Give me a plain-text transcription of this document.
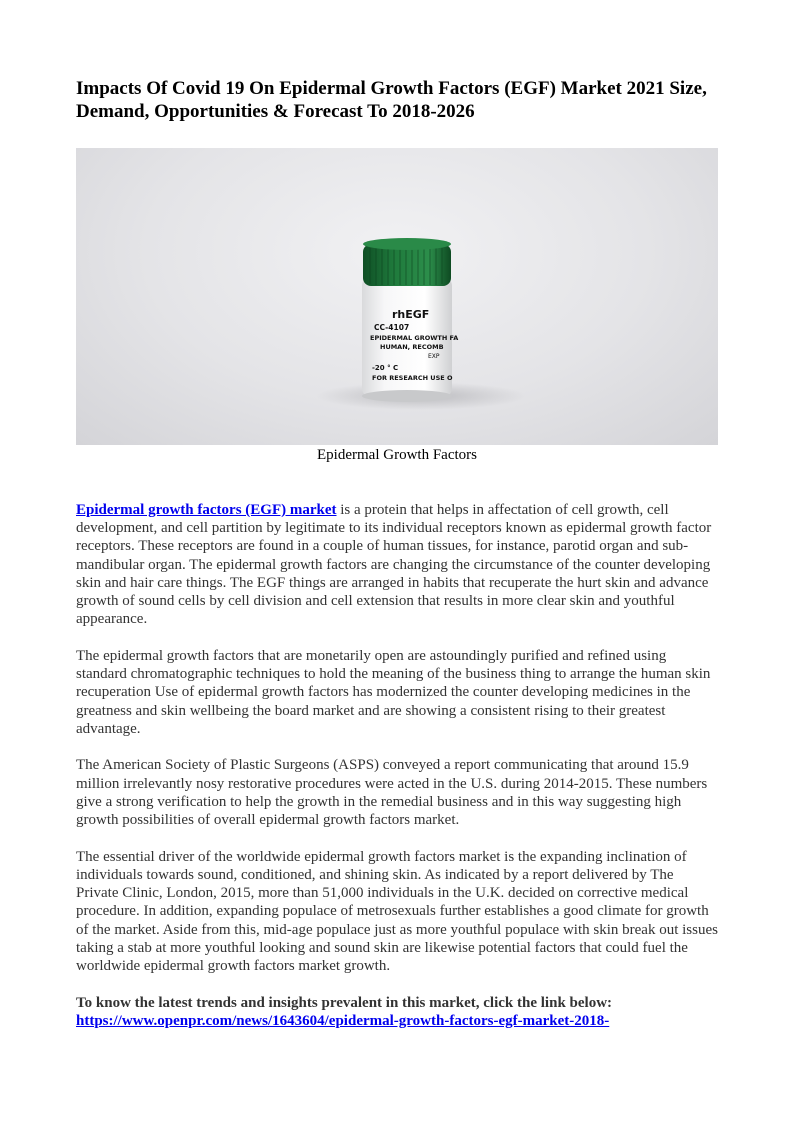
Impacts Of Covid 19 On Epidermal Growth Factors (EGF) Market 2021 Size, Demand, Opportunities & Forecast To 2018-2026
rhEGF
CC-4107
EPIDERMAL GROWTH FA
HUMAN, RECOMB
EXP
-20 ° C
FOR RESEARCH USE O
Epidermal Growth Factors

Epidermal growth factors (EGF) market is a protein that helps in affectation of cell growth, cell development, and cell partition by legitimate to its individual receptors known as epidermal growth factor receptors. These receptors are found in a couple of human tissues, for instance, parotid organ and sub-mandibular organ. The epidermal growth factors are changing the circumstance of the counter developing skin and hair care things. The EGF things are arranged in habits that recuperate the hurt skin and advance growth of sound cells by cell division and cell extension that results in more clear skin and youthful appearance.

The epidermal growth factors that are monetarily open are astoundingly purified and refined using standard chromatographic techniques to hold the meaning of the business thing to arrange the human skin recuperation Use of epidermal growth factors has modernized the counter developing medicines in the greatness and skin wellbeing the board market and are showing a consistent rising to their greatest advantage.

The American Society of Plastic Surgeons (ASPS) conveyed a report communicating that around 15.9 million irrelevantly nosy restorative procedures were acted in the U.S. during 2014-2015. These numbers give a strong verification to help the growth in the remedial business and in this way suggesting high growth possibilities of overall epidermal growth factors market.

The essential driver of the worldwide epidermal growth factors market is the expanding inclination of individuals towards sound, conditioned, and shining skin. As indicated by a report delivered by The Private Clinic, London, 2015, more than 51,000 individuals in the U.K. decided on corrective medical procedure. In addition, expanding populace of metrosexuals further establishes a good climate for growth of the market. Aside from this, mid-age populace just as more youthful populace with skin break out issues taking a stab at more youthful looking and sound skin are likewise potential factors that could fuel the worldwide epidermal growth factors market growth.

To know the latest trends and insights prevalent in this market, click the link below:
https://www.openpr.com/news/1643604/epidermal-growth-factors-egf-market-2018-
